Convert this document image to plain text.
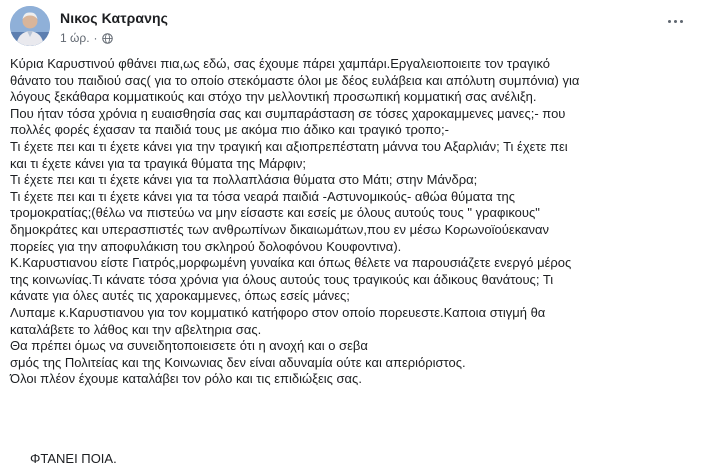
Νικος Κατρανης
1 ώρ. ·
Κύρια Καρυστινού φθάνει πια,ως εδώ, σας έχουμε πάρει χαμπάρι.Εργαλειοποιειτε τον τραγικό
θάνατο του παιδιού σας( για το οποίο στεκόμαστε όλοι με δέος ευλάβεια και απόλυτη συμπόνια) για
λόγους ξεκάθαρα κομματικούς και στόχο την μελλοντική προσωπική κομματική σας ανέλιξη.
Που ήταν τόσα χρόνια η ευαισθησία σας και συμπαράσταση σε τόσες χαροκαμμενες μανες;- που
πολλές φορές έχασαν τα παιδιά τους με ακόμα πιο άδικο και τραγικό τροπο;-
Τι έχετε πει και τι έχετε κάνει για την τραγική και αξιοπρεπέστατη μάννα του Αξαρλιάν; Τι έχετε πει
και τι έχετε κάνει για τα τραγικά θύματα της Μάρφιν;
Τι έχετε πει και τι έχετε κάνει για τα πολλαπλάσια θύματα στο Μάτι; στην Μάνδρα;
Τι έχετε πει και τι έχετε κάνει για τα τόσα νεαρά παιδιά -Αστυνομικούς- αθώα θύματα της
τρομοκρατίας;(θέλω να πιστεύω να μην είσαστε και εσείς με όλους αυτούς τους " γραφικους"
δημοκράτες και υπερασπιστές των ανθρωπίνων δικαιωμάτων,που εν μέσω Κορωνοϊούεκαναν
πορείες για την αποφυλάκιση του σκληρού δολοφόνου Κουφοντινα).
Κ.Καρυστιανου είστε Γιατρός,μορφωμένη γυναίκα και όπως θέλετε να παρουσιάζετε ενεργό μέρος
της κοινωνίας.Τι κάνατε τόσα χρόνια για όλους αυτούς τους τραγικούς και άδικους θανάτους; Τι
κάνατε για όλες αυτές τις χαροκαμμενες, όπως εσείς μάνες;
Λυπαμε κ.Καρυστιανου για τον κομματικό κατήφορο στον οποίο πορευεστε.Καποια στιγμή θα
καταλάβετε το λάθος και την αβελτηρια σας.
Θα πρέπει όμως να συνειδητοποιεισετε ότι η ανοχή και ο σεβα
σμός της Πολιτείας και της Κοινωνιας δεν είναι αδυναμία ούτε και απεριόριστος.
Όλοι πλέον έχουμε καταλάβει τον ρόλο και τις επιδιώξεις σας.
ΦΤΑΝΕΙ ΠΟΙΑ.
